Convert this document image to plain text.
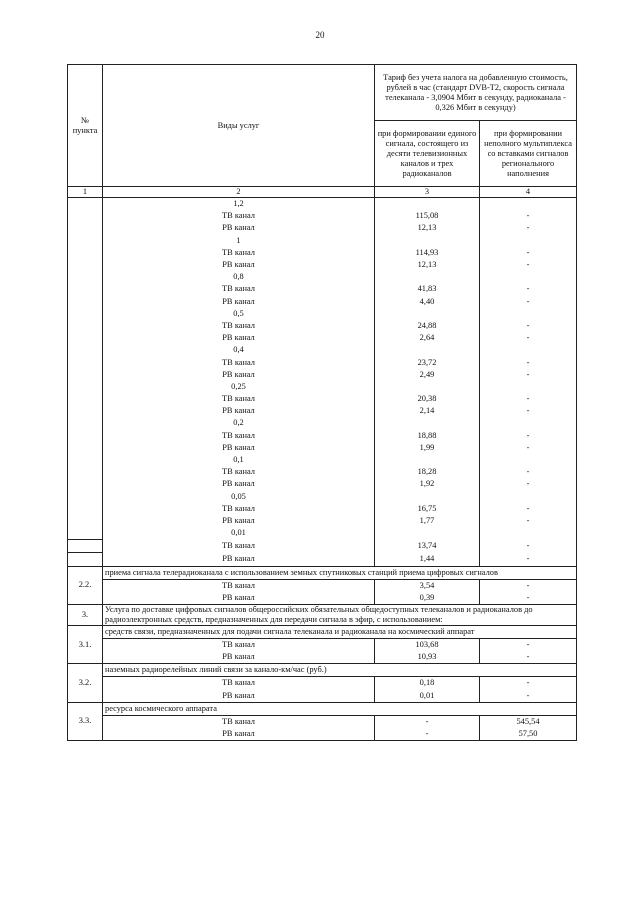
20
№
пункта	Виды услуг	Тариф без учета налога на добавленную стоимость, рублей в час (стандарт DVB-T2, скорость сигнала телеканала - 3,0904 Мбит в секунду, радиоканала - 0,326 Мбит в секунду)	
		при формировании единого сигнала, состоящего из десяти телевизионных каналов и трех радиоканалов	при формировании неполного мультиплекса со вставками сигналов регионального наполнения
1	2	3	4
	1,2		
	ТВ канал	115,08	-
	РВ канал	12,13	-
	1		
	ТВ канал	114,93	-
	РВ канал	12,13	-
	0,8		
	ТВ канал	41,83	-
	РВ канал	4,40	-
	0,5		
	ТВ канал	24,88	-
	РВ канал	2,64	-
	0,4		
	ТВ канал	23,72	-
	РВ канал	2,49	-
	0,25		
	ТВ канал	20,38	-
	РВ канал	2,14	-
	0,2		
	ТВ канал	18,88	-
	РВ канал	1,99	-
	0,1		
	ТВ канал	18,28	-
	РВ канал	1,92	-
	0,05		
	ТВ канал	16,75	-
	РВ канал	1,77	-
	0,01		
	ТВ канал	13,74	-
	РВ канал	1,44	-
2.2.	приема сигнала телерадиоканала с использованием земных спутниковых станций приема цифровых сигналов		
	ТВ канал	3,54	-
	РВ канал	0,39	-
3.	Услуга по доставке цифровых сигналов общероссийских обязательных общедоступных телеканалов и радиоканалов до радиоэлектронных средств, предназначенных для передачи сигнала в эфир, с использованием:		
3.1.	средств связи, предназначенных для подачи сигнала телеканала и радиоканала на космический аппарат		
	ТВ канал	103,68	-
	РВ канал	10,93	-
3.2.	наземных радиорелейных линий связи за канало-км/час (руб.)		
	ТВ канал	0,18	-
	РВ канал	0,01	-
3.3.	ресурса космического аппарата		
	ТВ канал	-	545,54
	РВ канал	-	57,50
